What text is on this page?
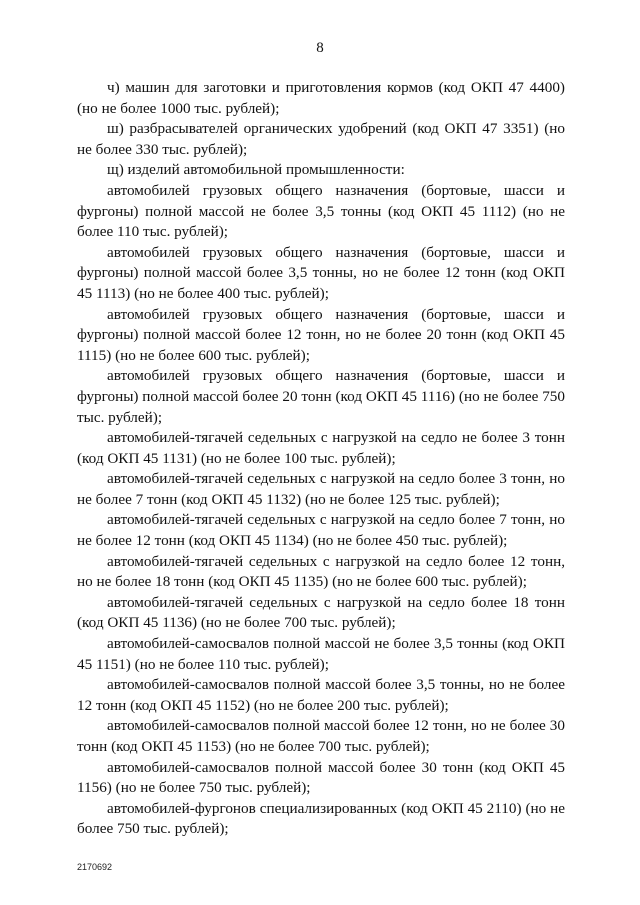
8

ч) машин для заготовки и приготовления кормов (код ОКП 47 4400) (но не более 1000 тыс. рублей);

ш) разбрасывателей органических удобрений (код ОКП 47 3351) (но не более 330 тыс. рублей);

щ) изделий автомобильной промышленности:

автомобилей грузовых общего назначения (бортовые, шасси и фургоны) полной массой не более 3,5 тонны (код ОКП 45 1112) (но не более 110 тыс. рублей);

автомобилей грузовых общего назначения (бортовые, шасси и фургоны) полной массой более 3,5 тонны, но не более 12 тонн (код ОКП 45 1113) (но не более 400 тыс. рублей);

автомобилей грузовых общего назначения (бортовые, шасси и фургоны) полной массой более 12 тонн, но не более 20 тонн (код ОКП 45 1115) (но не более 600 тыс. рублей);

автомобилей грузовых общего назначения (бортовые, шасси и фургоны) полной массой более 20 тонн (код ОКП 45 1116) (но не более 750 тыс. рублей);

автомобилей-тягачей седельных с нагрузкой на седло не более 3 тонн (код ОКП 45 1131) (но не более 100 тыс. рублей);

автомобилей-тягачей седельных с нагрузкой на седло более 3 тонн, но не более 7 тонн (код ОКП 45 1132) (но не более 125 тыс. рублей);

автомобилей-тягачей седельных с нагрузкой на седло более 7 тонн, но не более 12 тонн (код ОКП 45 1134) (но не более 450 тыс. рублей);

автомобилей-тягачей седельных с нагрузкой на седло более 12 тонн, но не более 18 тонн (код ОКП 45 1135) (но не более 600 тыс. рублей);

автомобилей-тягачей седельных с нагрузкой на седло более 18 тонн (код ОКП 45 1136) (но не более 700 тыс. рублей);

автомобилей-самосвалов полной массой не более 3,5 тонны (код ОКП 45 1151) (но не более 110 тыс. рублей);

автомобилей-самосвалов полной массой более 3,5 тонны, но не более 12 тонн (код ОКП 45 1152) (но не более 200 тыс. рублей);

автомобилей-самосвалов полной массой более 12 тонн, но не более 30 тонн (код ОКП 45 1153) (но не более 700 тыс. рублей);

автомобилей-самосвалов полной массой более 30 тонн (код ОКП 45 1156) (но не более 750 тыс. рублей);

автомобилей-фургонов специализированных (код ОКП 45 2110) (но не более 750 тыс. рублей);

2170692
